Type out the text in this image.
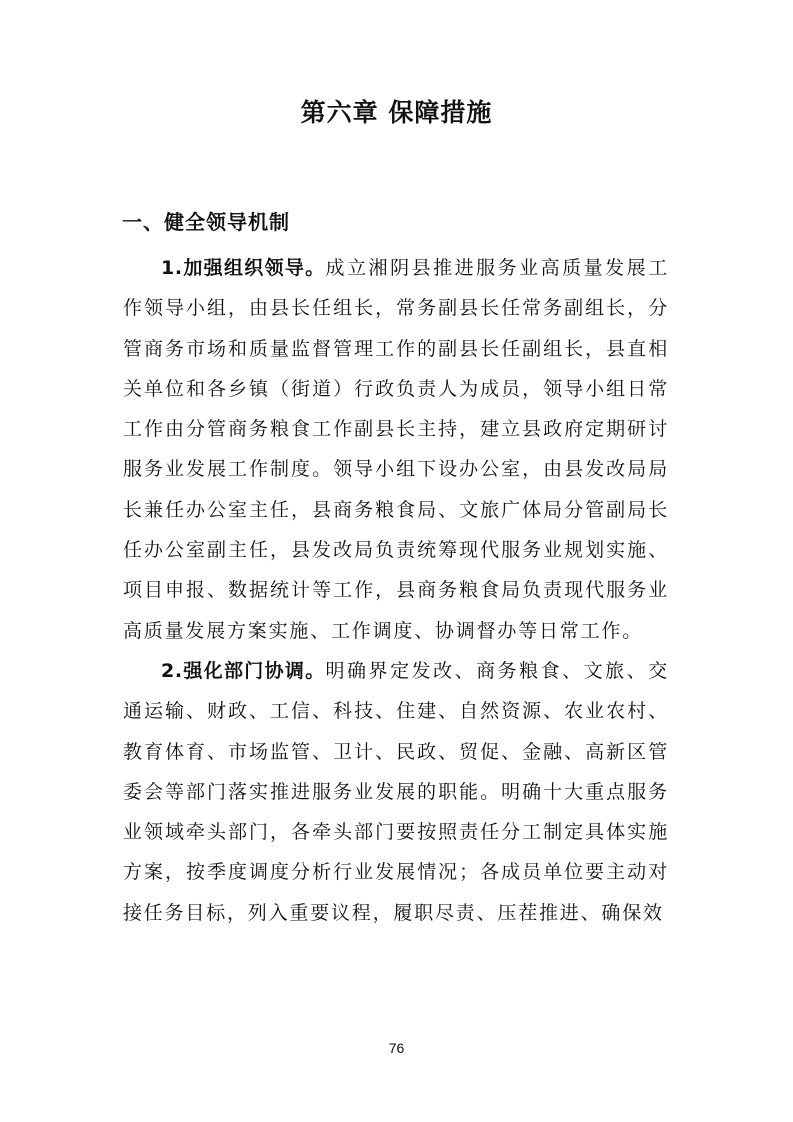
第六章 保障措施
一、健全领导机制

1.加强组织领导。成立湘阴县推进服务业高质量发展工作领导小组，由县长任组长，常务副县长任常务副组长，分管商务市场和质量监督管理工作的副县长任副组长，县直相关单位和各乡镇（街道）行政负责人为成员，领导小组日常工作由分管商务粮食工作副县长主持，建立县政府定期研讨服务业发展工作制度。领导小组下设办公室，由县发改局局长兼任办公室主任，县商务粮食局、文旅广体局分管副局长任办公室副主任，县发改局负责统筹现代服务业规划实施、项目申报、数据统计等工作，县商务粮食局负责现代服务业高质量发展方案实施、工作调度、协调督办等日常工作。

2.强化部门协调。明确界定发改、商务粮食、文旅、交通运输、财政、工信、科技、住建、自然资源、农业农村、教育体育、市场监管、卫计、民政、贸促、金融、高新区管委会等部门落实推进服务业发展的职能。明确十大重点服务业领域牵头部门，各牵头部门要按照责任分工制定具体实施方案，按季度调度分析行业发展情况；各成员单位要主动对接任务目标，列入重要议程，履职尽责、压茬推进、确保效

76
